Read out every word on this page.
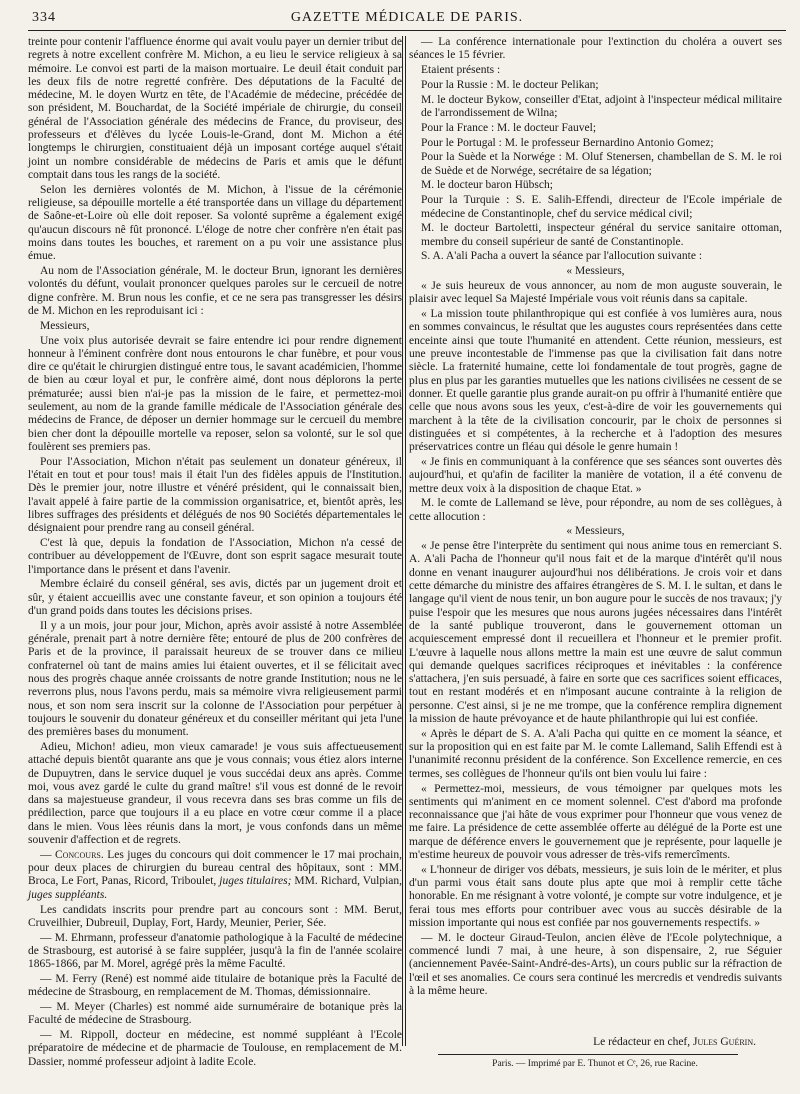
334	GAZETTE MÉDICALE DE PARIS.

treinte pour contenir l'affluence énorme qui avait voulu payer un dernier tribut de regrets à notre excellent confrère M. Michon, a eu lieu le service religieux à sa mémoire. Le convoi est parti de la maison mortuaire. Le deuil était conduit par les deux fils de notre regretté confrère. Des députations de la Faculté de médecine, M. le doyen Wurtz en tête, de l'Académie de médecine, précédée de son président, M. Bouchardat, de la Société impériale de chirurgie, du conseil général de l'Association générale des médecins de France, du proviseur, des professeurs et d'élèves du lycée Louis-le-Grand, dont M. Michon a été longtemps le chirurgien, constituaient déjà un imposant cortége auquel s'était joint un nombre considérable de médecins de Paris et amis que le défunt comptait dans tous les rangs de la société.

Selon les dernières volontés de M. Michon, à l'issue de la cérémonie religieuse, sa dépouille mortelle a été transportée dans un village du département de Saône-et-Loire où elle doit reposer. Sa volonté suprême a également exigé qu'aucun discours nê fût prononcé. L'éloge de notre cher confrère n'en était pas moins dans toutes les bouches, et rarement on a pu voir une assistance plus émue.

Au nom de l'Association générale, M. le docteur Brun, ignorant les dernières volontés du défunt, voulait prononcer quelques paroles sur le cercueil de notre digne confrère. M. Brun nous les confie, et ce ne sera pas transgresser les désirs de M. Michon en les reproduisant ici :

Messieurs,

Une voix plus autorisée devrait se faire entendre ici pour rendre dignement honneur à l'éminent confrère dont nous entourons le char funèbre, et pour vous dire ce qu'était le chirurgien distingué entre tous, le savant académicien, l'homme de bien au cœur loyal et pur, le confrère aimé, dont nous déplorons la perte prématurée; aussi bien n'ai-je pas la mission de le faire, et permettez-moi seulement, au nom de la grande famille médicale de l'Association générale des médecins de France, de déposer un dernier hommage sur le cercueil du membre bien cher dont la dépouille mortelle va reposer, selon sa volonté, sur le sol que foulèrent ses premiers pas.

Pour l'Association, Michon n'était pas seulement un donateur généreux, il l'était en tout et pour tous! mais il était l'un des fidèles appuis de l'Institution. Dès le premier jour, notre illustre et vénéré président, qui le connaissait bien, l'avait appelé à faire partie de la commission organisatrice, et, bientôt après, les libres suffrages des présidents et délégués de nos 90 Sociétés départementales le désignaient pour prendre rang au conseil général.

C'est là que, depuis la fondation de l'Association, Michon n'a cessé de contribuer au développement de l'Œuvre, dont son esprit sagace mesurait toute l'importance dans le présent et dans l'avenir.

Membre éclairé du conseil général, ses avis, dictés par un jugement droit et sûr, y étaient accueillis avec une constante faveur, et son opinion a toujours été d'un grand poids dans toutes les décisions prises.

Il y a un mois, jour pour jour, Michon, après avoir assisté à notre Assemblée générale, prenait part à notre dernière fête; entouré de plus de 200 confrères de Paris et de la province, il paraissait heureux de se trouver dans ce milieu confraternel où tant de mains amies lui étaient ouvertes, et il se félicitait avec nous des progrès chaque année croissants de notre grande Institution; nous ne le reverrons plus, nous l'avons perdu, mais sa mémoire vivra religieusement parmi nous, et son nom sera inscrit sur la colonne de l'Association pour perpétuer à toujours le souvenir du donateur généreux et du conseiller méritant qui jeta l'une des premières bases du monument.

Adieu, Michon! adieu, mon vieux camarade! je vous suis affectueusement attaché depuis bientôt quarante ans que je vous connais; vous étiez alors interne de Dupuytren, dans le service duquel je vous succédai deux ans après. Comme moi, vous avez gardé le culte du grand maître! s'il vous est donné de le revoir dans sa majestueuse grandeur, il vous recevra dans ses bras comme un fils de prédilection, parce que toujours il a eu place en votre cœur comme il a place dans le mien. Vous lèes réunis dans la mort, je vous confonds dans un même souvenir d'affection et de regrets.

— Concours. Les juges du concours qui doit commencer le 17 mai prochain, pour deux places de chirurgien du bureau central des hôpitaux, sont : MM. Broca, Le Fort, Panas, Ricord, Triboulet, juges titulaires; MM. Richard, Vulpian, juges suppléants.

Les candidats inscrits pour prendre part au concours sont : MM. Berut, Cruveilhier, Dubreuil, Duplay, Fort, Hardy, Meunier, Perier, Sée.

— M. Ehrmann, professeur d'anatomie pathologique à la Faculté de médecine de Strasbourg, est autorisé à se faire suppléer, jusqu'à la fin de l'année scolaire 1865-1866, par M. Morel, agrégé près la même Faculté.

— M. Ferry (René) est nommé aide titulaire de botanique près la Faculté de médecine de Strasbourg, en remplacement de M. Thomas, démissionnaire.

— M. Meyer (Charles) est nommé aide surnuméraire de botanique près la Faculté de médecine de Strasbourg.

— M. Rippoll, docteur en médecine, est nommé suppléant à l'Ecole préparatoire de médecine et de pharmacie de Toulouse, en remplacement de M. Dassier, nommé professeur adjoint à ladite Ecole.

— La conférence internationale pour l'extinction du choléra a ouvert ses séances le 15 février.

Etaient présents :

Pour la Russie : M. le docteur Pelikan;

M. le docteur Bykow, conseiller d'Etat, adjoint à l'inspecteur médical militaire de l'arrondissement de Wilna;

Pour la France : M. le docteur Fauvel;

Pour le Portugal : M. le professeur Bernardino Antonio Gomez;

Pour la Suède et la Norwége : M. Oluf Stenersen, chambellan de S. M. le roi de Suède et de Norwége, secrétaire de sa légation;

M. le docteur baron Hübsch;

Pour la Turquie : S. E. Salih-Effendi, directeur de l'Ecole impériale de médecine de Constantinople, chef du service médical civil;

M. le docteur Bartoletti, inspecteur général du service sanitaire ottoman, membre du conseil supérieur de santé de Constantinople.

S. A. A'ali Pacha a ouvert la séance par l'allocution suivante :

« Messieurs,

« Je suis heureux de vous annoncer, au nom de mon auguste souverain, le plaisir avec lequel Sa Majesté Impériale vous voit réunis dans sa capitale.

« La mission toute philanthropique qui est confiée à vos lumières aura, nous en sommes convaincus, le résultat que les augustes cours représentées dans cette enceinte ainsi que toute l'humanité en attendent. Cette réunion, messieurs, est une preuve incontestable de l'immense pas que la civilisation fait dans notre siècle. La fraternité humaine, cette loi fondamentale de tout progrès, gagne de plus en plus par les garanties mutuelles que les nations civilisées ne cessent de se donner. Et quelle garantie plus grande aurait-on pu offrir à l'humanité entière que celle que nous avons sous les yeux, c'est-à-dire de voir les gouvernements qui marchent à la tête de la civilisation concourir, par le choix de personnes si distinguées et si compétentes, à la recherche et à l'adoption des mesures préservatrices contre un fléau qui désole le genre humain !

« Je finis en communiquant à la conférence que ses séances sont ouvertes dès aujourd'hui, et qu'afin de faciliter la manière de votation, il a été convenu de mettre deux voix à la disposition de chaque Etat. »

M. le comte de Lallemand se lève, pour répondre, au nom de ses collègues, à cette allocution :

« Messieurs,

« Je pense être l'interprète du sentiment qui nous anime tous en remerciant S. A. A'ali Pacha de l'honneur qu'il nous fait et de la marque d'intérêt qu'il nous donne en venant inaugurer aujourd'hui nos délibérations. Je crois voir et dans cette démarche du ministre des affaires étrangères de S. M. I. le sultan, et dans le langage qu'il vient de nous tenir, un bon augure pour le succès de nos travaux; j'y puise l'espoir que les mesures que nous aurons jugées nécessaires dans l'intérêt de la santé publique trouveront, dans le gouvernement ottoman un acquiescement empressé dont il recueillera et l'honneur et le premier profit. L'œuvre à laquelle nous allons mettre la main est une œuvre de salut commun qui demande quelques sacrifices réciproques et inévitables : la conférence s'attachera, j'en suis persuadé, à faire en sorte que ces sacrifices soient efficaces, tout en restant modérés et en n'imposant aucune contrainte à la religion de personne. C'est ainsi, si je ne me trompe, que la conférence remplira dignement la mission de haute prévoyance et de haute philanthropie qui lui est confiée.

« Après le départ de S. A. A'ali Pacha qui quitte en ce moment la séance, et sur la proposition qui en est faite par M. le comte Lallemand, Salih Effendi est à l'unanimité reconnu président de la conférence. Son Excellence remercie, en ces termes, ses collègues de l'honneur qu'ils ont bien voulu lui faire :

« Permettez-moi, messieurs, de vous témoigner par quelques mots les sentiments qui m'animent en ce moment solennel. C'est d'abord ma profonde reconnaissance que j'ai hâte de vous exprimer pour l'honneur que vous venez de me faire. La présidence de cette assemblée offerte au délégué de la Porte est une marque de déférence envers le gouvernement que je représente, pour laquelle je m'estime heureux de pouvoir vous adresser de très-vifs remercîments.

« L'honneur de diriger vos débats, messieurs, je suis loin de le mériter, et plus d'un parmi vous était sans doute plus apte que moi à remplir cette tâche honorable. En me résignant à votre volonté, je compte sur votre indulgence, et je ferai tous mes efforts pour contribuer avec vous au succès désirable de la mission importante qui nous est confiée par nos gouvernements respectifs. »

— M. le docteur Giraud-Teulon, ancien élève de l'Ecole polytechnique, a commencé lundi 7 mai, à une heure, à son dispensaire, 2, rue Séguier (anciennement Pavée-Saint-André-des-Arts), un cours public sur la réfraction de l'œil et ses anomalies. Ce cours sera continué les mercredis et vendredis suivants à la même heure.

Le rédacteur en chef, Jules Guérin.
Paris. — Imprimé par E. Thunot et Cᵉ, 26, rue Racine.
